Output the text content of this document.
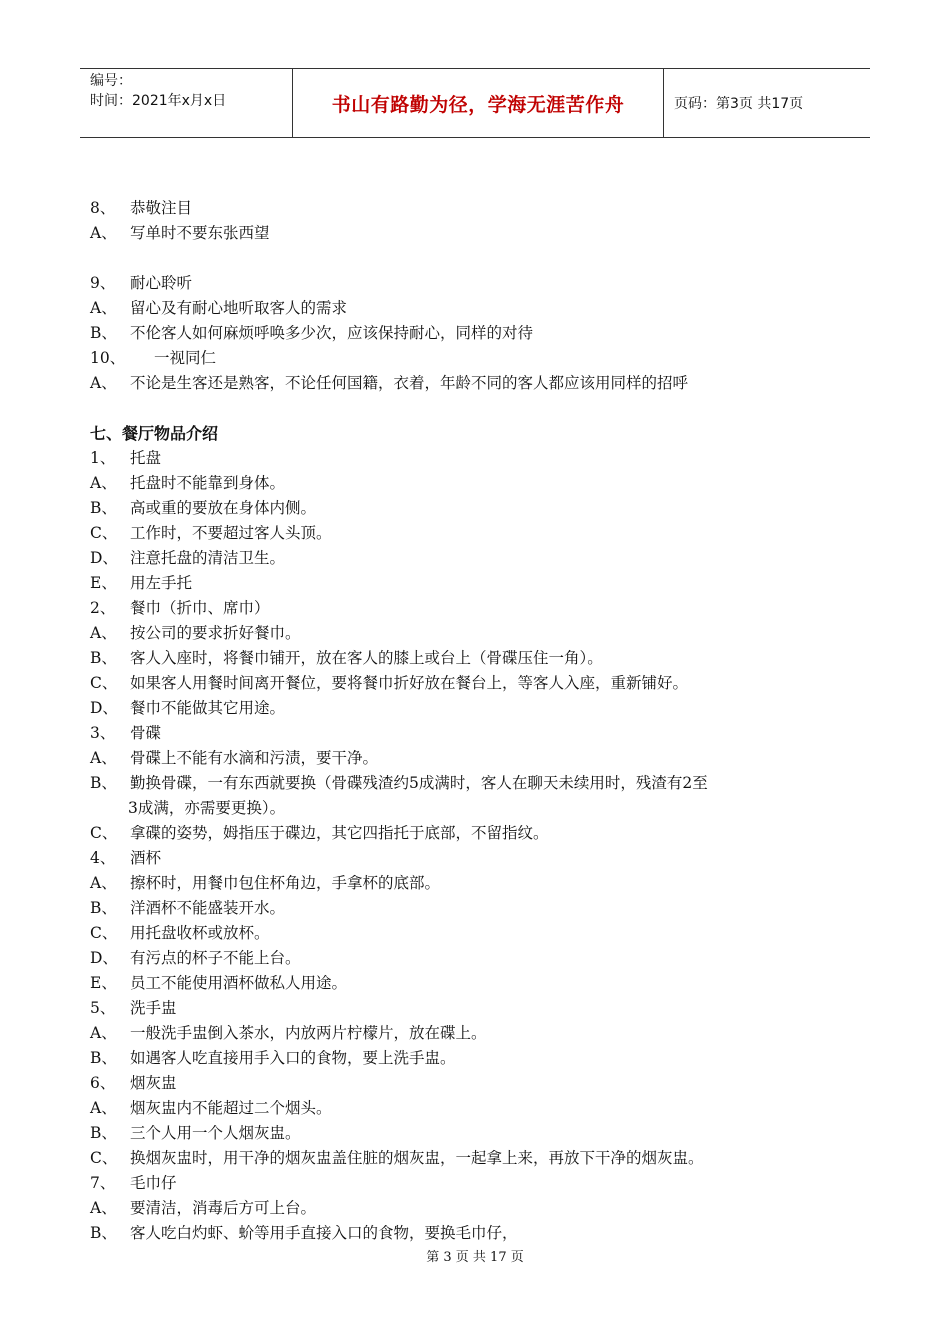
编号：
时间：2021年x月x日	书山有路勤为径，学海无涯苦作舟	页码：第3页 共17页
8、 恭敬注目
A、 写单时不要东张西望
9、 耐心聆听
A、 留心及有耐心地听取客人的需求
B、 不伦客人如何麻烦呼唤多少次，应该保持耐心，同样的对待
10、 一视同仁
A、 不论是生客还是熟客，不论任何国籍，衣着，年龄不同的客人都应该用同样的招呼
七、餐厅物品介绍
1、 托盘
A、 托盘时不能靠到身体。
B、 高或重的要放在身体内侧。
C、 工作时，不要超过客人头顶。
D、 注意托盘的清洁卫生。
E、 用左手托
2、 餐巾（折巾、席巾）
A、 按公司的要求折好餐巾。
B、 客人入座时，将餐巾铺开，放在客人的膝上或台上（骨碟压住一角）。
C、 如果客人用餐时间离开餐位，要将餐巾折好放在餐台上，等客人入座，重新铺好。
D、 餐巾不能做其它用途。
3、 骨碟
A、 骨碟上不能有水滴和污渍，要干净。
B、 勤换骨碟，一有东西就要换（骨碟残渣约5成满时，客人在聊天未续用时，残渣有2至
3成满，亦需要更换）。
C、 拿碟的姿势，姆指压于碟边，其它四指托于底部，不留指纹。
4、 酒杯
A、 擦杯时，用餐巾包住杯角边，手拿杯的底部。
B、 洋酒杯不能盛装开水。
C、 用托盘收杯或放杯。
D、 有污点的杯子不能上台。
E、 员工不能使用酒杯做私人用途。
5、 洗手盅
A、 一般洗手盅倒入茶水，内放两片柠檬片，放在碟上。
B、 如遇客人吃直接用手入口的食物，要上洗手盅。
6、 烟灰盅
A、 烟灰盅内不能超过二个烟头。
B、 三个人用一个人烟灰盅。
C、 换烟灰盅时，用干净的烟灰盅盖住脏的烟灰盅，一起拿上来，再放下干净的烟灰盅。
7、 毛巾仔
A、 要清洁，消毒后方可上台。
B、 客人吃白灼虾、蚧等用手直接入口的食物，要换毛巾仔，
第 3 页 共 17 页
